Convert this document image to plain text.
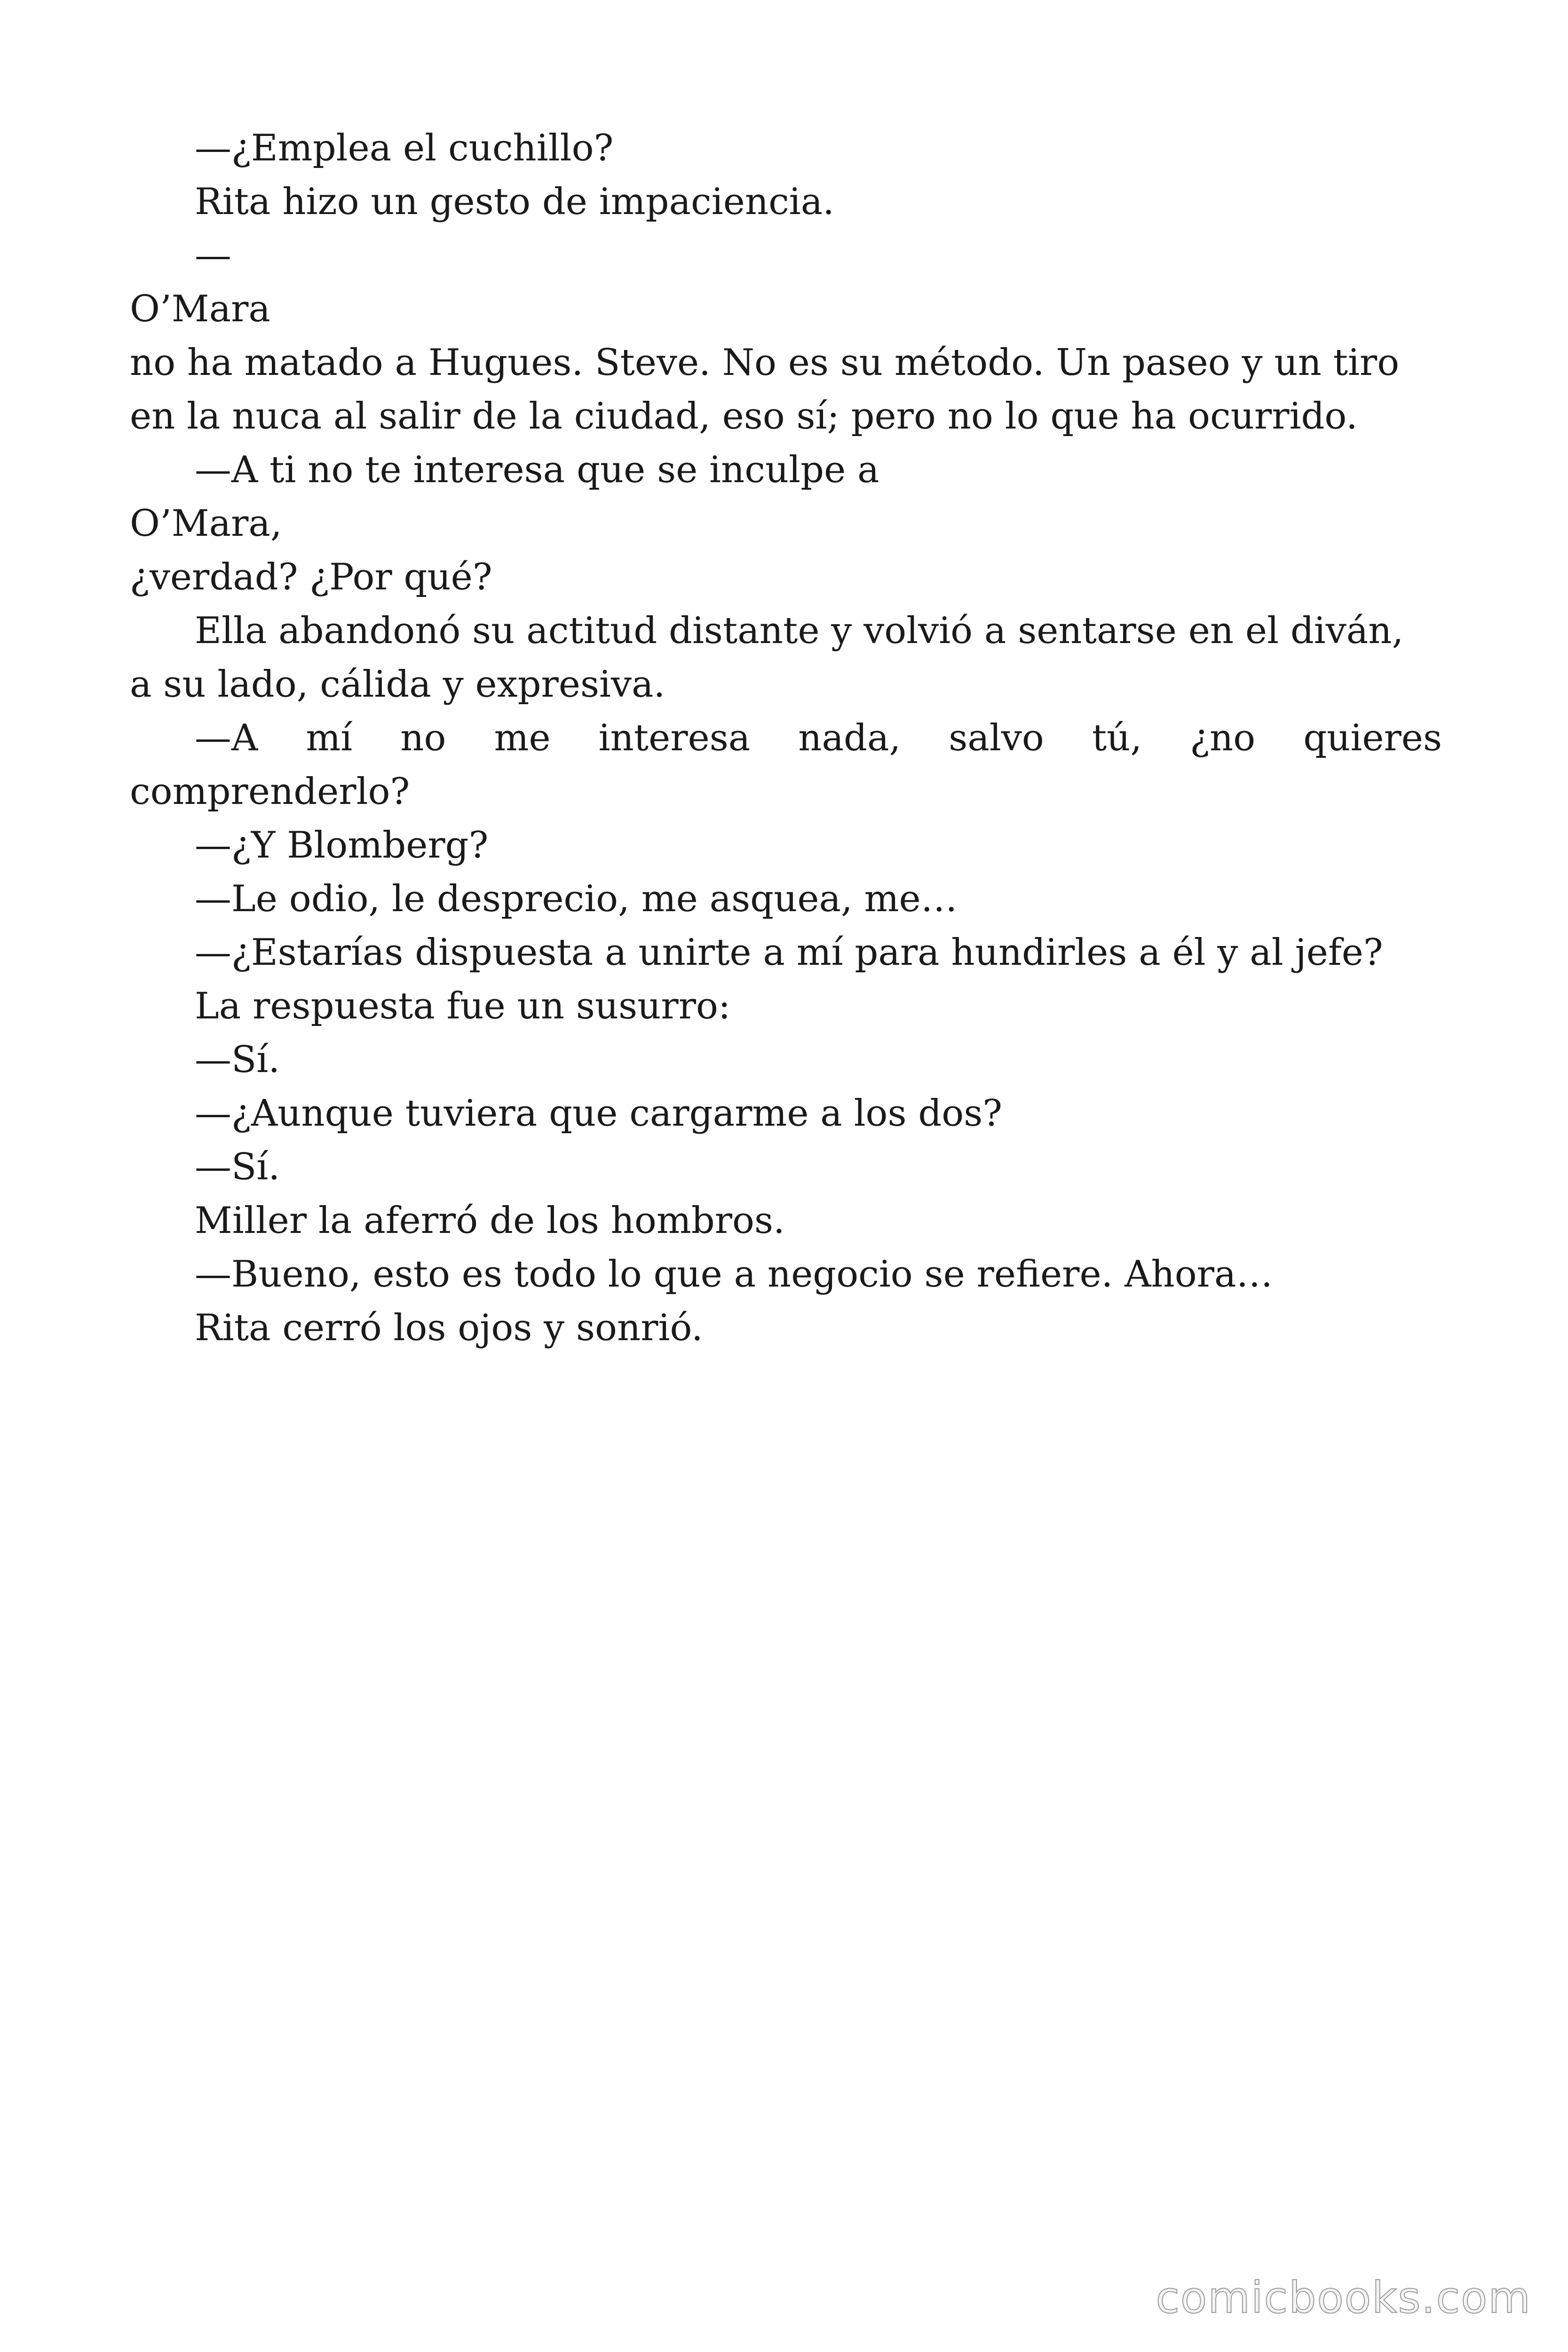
—¿Emplea el cuchillo?
Rita hizo un gesto de impaciencia.
—
O’Mara
no ha matado a Hugues. Steve. No es su método. Un paseo y un tiro
en la nuca al salir de la ciudad, eso sí; pero no lo que ha ocurrido.
—A ti no te interesa que se inculpe a
O’Mara,
¿verdad? ¿Por qué?
Ella abandonó su actitud distante y volvió a sentarse en el diván,
a su lado, cálida y expresiva.
—A mí no me interesa nada, salvo tú, ¿no quieres
comprenderlo?
—¿Y Blomberg?
—Le odio, le desprecio, me asquea, me…
—¿Estarías dispuesta a unirte a mí para hundirles a él y al jefe?
La respuesta fue un susurro:
—Sí.
—¿Aunque tuviera que cargarme a los dos?
—Sí.
Miller la aferró de los hombros.
—Bueno, esto es todo lo que a negocio se refiere. Ahora…
Rita cerró los ojos y sonrió.
comicbooks.com
